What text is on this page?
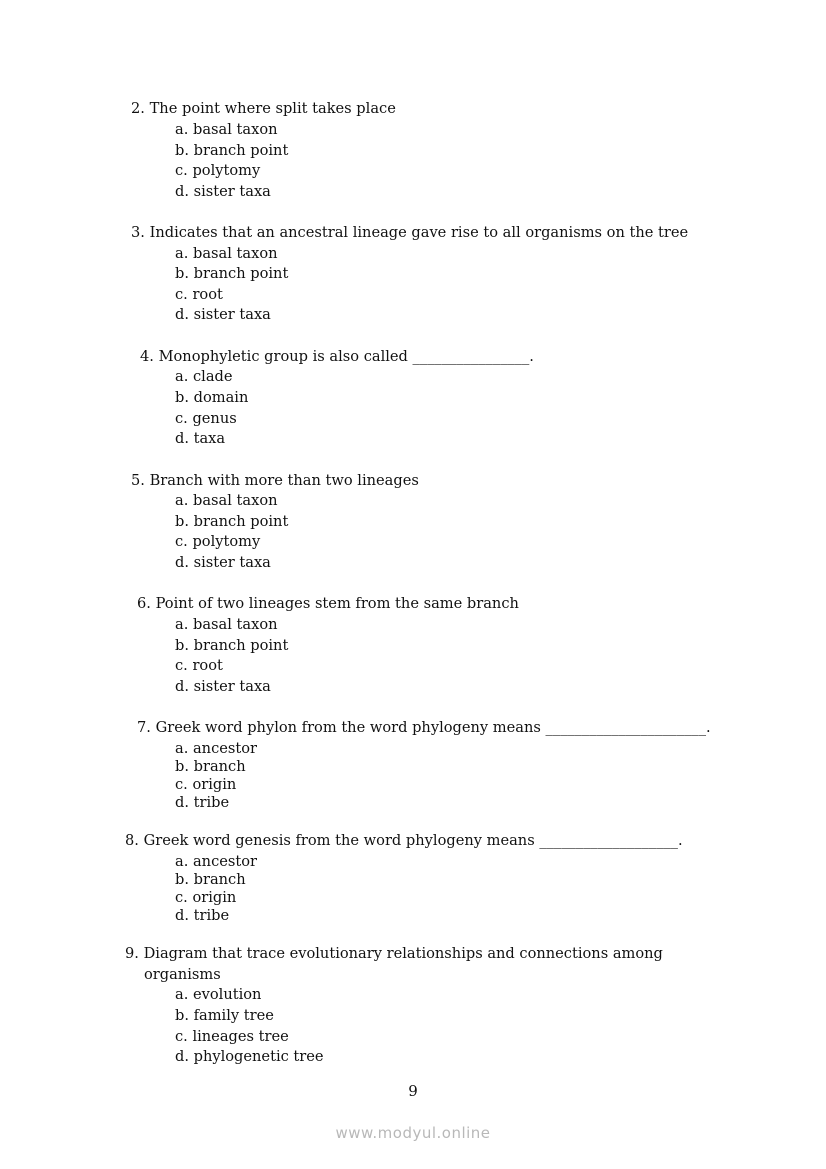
2. The point where split takes place
a. basal taxon
b. branch point
c. polytomy
d. sister taxa
3. Indicates that an ancestral lineage gave rise to all organisms on the tree
a. basal taxon
b. branch point
c. root
d. sister taxa
4. Monophyletic group is also called ________________.
a. clade
b. domain
c. genus
d. taxa
5. Branch with more than two lineages
a. basal taxon
b. branch point
c. polytomy
d. sister taxa
6. Point of two lineages stem from the same branch
a. basal taxon
b. branch point
c. root
d. sister taxa
7. Greek word phylon from the word phylogeny means ______________________.
a. ancestor
b. branch
c. origin
d. tribe
8. Greek word genesis from the word phylogeny means ___________________.
a. ancestor
b. branch
c. origin
d. tribe
9. Diagram that trace evolutionary relationships and connections among
organisms
a. evolution
b. family tree
c. lineages tree
d. phylogenetic tree
9
www.modyul.online
